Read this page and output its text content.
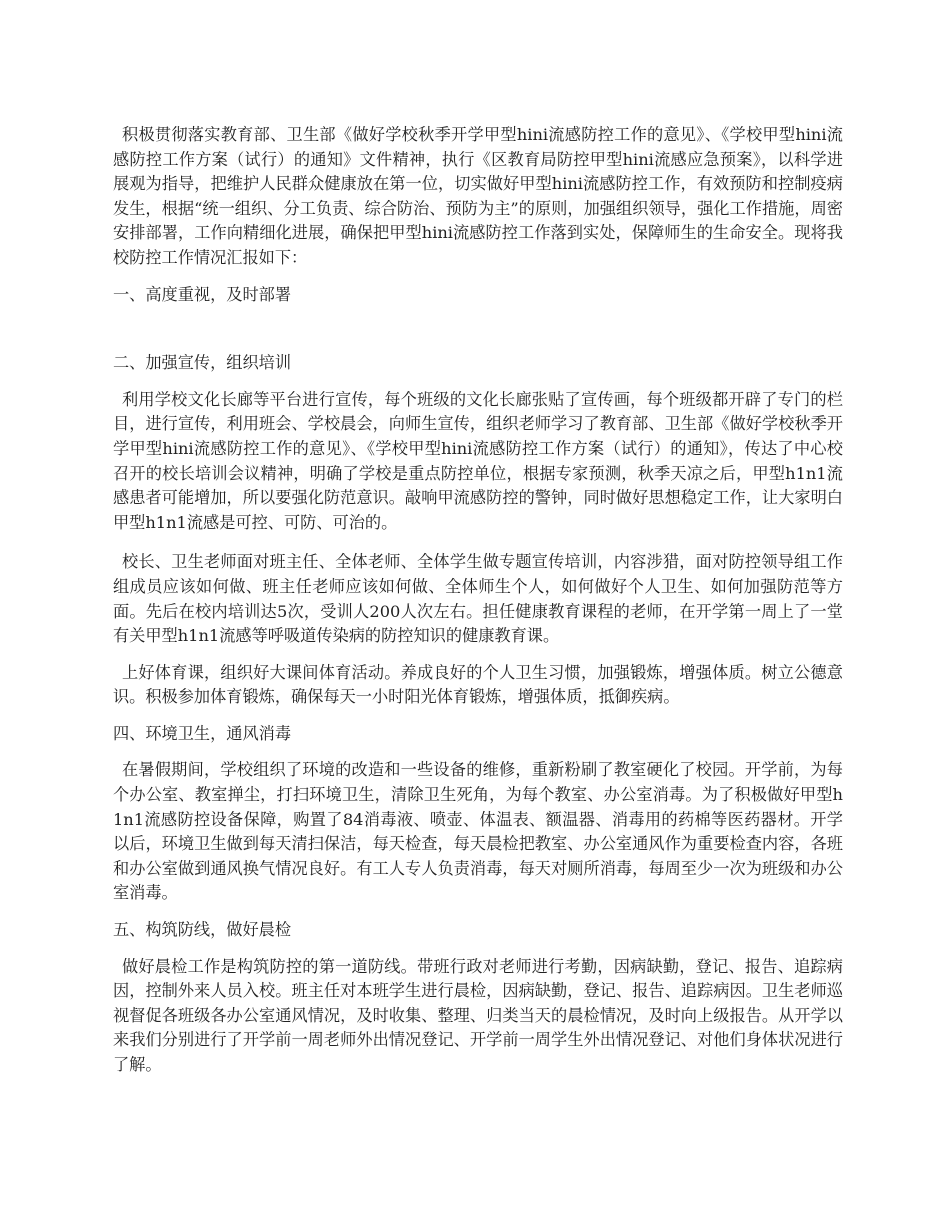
积极贯彻落实教育部、卫生部《做好学校秋季开学甲型hini流感防控工作的意见》、《学校甲型hini流感防控工作方案（试行）的通知》文件精神，执行《区教育局防控甲型hini流感应急预案》，以科学进展观为指导，把维护人民群众健康放在第一位，切实做好甲型hini流感防控工作，有效预防和控制疫病发生，根据“统一组织、分工负责、综合防治、预防为主”的原则，加强组织领导，强化工作措施，周密安排部署，工作向精细化进展，确保把甲型hini流感防控工作落到实处，保障师生的生命安全。现将我校防控工作情况汇报如下：

一、高度重视，及时部署

二、加强宣传，组织培训

利用学校文化长廊等平台进行宣传，每个班级的文化长廊张贴了宣传画，每个班级都开辟了专门的栏目，进行宣传，利用班会、学校晨会，向师生宣传，组织老师学习了教育部、卫生部《做好学校秋季开学甲型hini流感防控工作的意见》、《学校甲型hini流感防控工作方案（试行）的通知》，传达了中心校召开的校长培训会议精神，明确了学校是重点防控单位，根据专家预测，秋季天凉之后，甲型h1n1流感患者可能增加，所以要强化防范意识。敲响甲流感防控的警钟，同时做好思想稳定工作，让大家明白甲型h1n1流感是可控、可防、可治的。

校长、卫生老师面对班主任、全体老师、全体学生做专题宣传培训，内容涉猎，面对防控领导组工作组成员应该如何做、班主任老师应该如何做、全体师生个人，如何做好个人卫生、如何加强防范等方面。先后在校内培训达5次，受训人200人次左右。担任健康教育课程的老师，在开学第一周上了一堂有关甲型h1n1流感等呼吸道传染病的防控知识的健康教育课。

上好体育课，组织好大课间体育活动。养成良好的个人卫生习惯，加强锻炼，增强体质。树立公德意识。积极参加体育锻炼，确保每天一小时阳光体育锻炼，增强体质，抵御疾病。

四、环境卫生，通风消毒

在暑假期间，学校组织了环境的改造和一些设备的维修，重新粉刷了教室硬化了校园。开学前，为每个办公室、教室掸尘，打扫环境卫生，清除卫生死角，为每个教室、办公室消毒。为了积极做好甲型h1n1流感防控设备保障，购置了84消毒液、喷壶、体温表、额温器、消毒用的药棉等医药器材。开学以后，环境卫生做到每天清扫保洁，每天检查，每天晨检把教室、办公室通风作为重要检查内容，各班和办公室做到通风换气情况良好。有工人专人负责消毒，每天对厕所消毒，每周至少一次为班级和办公室消毒。

五、构筑防线，做好晨检

做好晨检工作是构筑防控的第一道防线。带班行政对老师进行考勤，因病缺勤，登记、报告、追踪病因，控制外来人员入校。班主任对本班学生进行晨检，因病缺勤，登记、报告、追踪病因。卫生老师巡视督促各班级各办公室通风情况，及时收集、整理、归类当天的晨检情况，及时向上级报告。从开学以来我们分别进行了开学前一周老师外出情况登记、开学前一周学生外出情况登记、对他们身体状况进行了解。
